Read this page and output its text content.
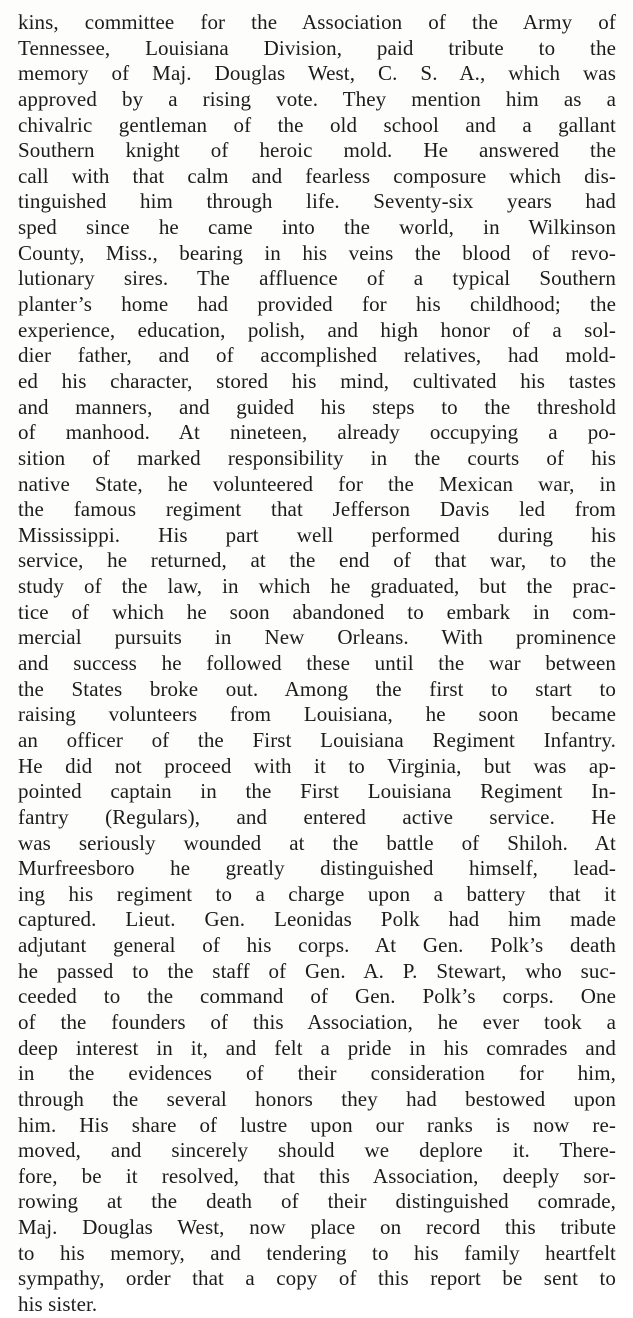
kins, committee for the Association of the Army of
Tennessee, Louisiana Division, paid tribute to the
memory of Maj. Douglas West, C. S. A., which was
approved by a rising vote. They mention him as a
chivalric gentleman of the old school and a gallant
Southern knight of heroic mold. He answered the
call with that calm and fearless composure which dis-
tinguished him through life. Seventy-six years had
sped since he came into the world, in Wilkinson
County, Miss., bearing in his veins the blood of revo-
lutionary sires. The affluence of a typical Southern
planter’s home had provided for his childhood; the
experience, education, polish, and high honor of a sol-
dier father, and of accomplished relatives, had mold-
ed his character, stored his mind, cultivated his tastes
and manners, and guided his steps to the threshold
of manhood. At nineteen, already occupying a po-
sition of marked responsibility in the courts of his
native State, he volunteered for the Mexican war, in
the famous regiment that Jefferson Davis led from
Mississippi. His part well performed during his
service, he returned, at the end of that war, to the
study of the law, in which he graduated, but the prac-
tice of which he soon abandoned to embark in com-
mercial pursuits in New Orleans. With prominence
and success he followed these until the war between
the States broke out. Among the first to start to
raising volunteers from Louisiana, he soon became
an officer of the First Louisiana Regiment Infantry.
He did not proceed with it to Virginia, but was ap-
pointed captain in the First Louisiana Regiment In-
fantry (Regulars), and entered active service. He
was seriously wounded at the battle of Shiloh. At
Murfreesboro he greatly distinguished himself, lead-
ing his regiment to a charge upon a battery that it
captured. Lieut. Gen. Leonidas Polk had him made
adjutant general of his corps. At Gen. Polk’s death
he passed to the staff of Gen. A. P. Stewart, who suc-
ceeded to the command of Gen. Polk’s corps. One
of the founders of this Association, he ever took a
deep interest in it, and felt a pride in his comrades and
in the evidences of their consideration for him,
through the several honors they had bestowed upon
him. His share of lustre upon our ranks is now re-
moved, and sincerely should we deplore it. There-
fore, be it resolved, that this Association, deeply sor-
rowing at the death of their distinguished comrade,
Maj. Douglas West, now place on record this tribute
to his memory, and tendering to his family heartfelt
sympathy, order that a copy of this report be sent to
his sister.
